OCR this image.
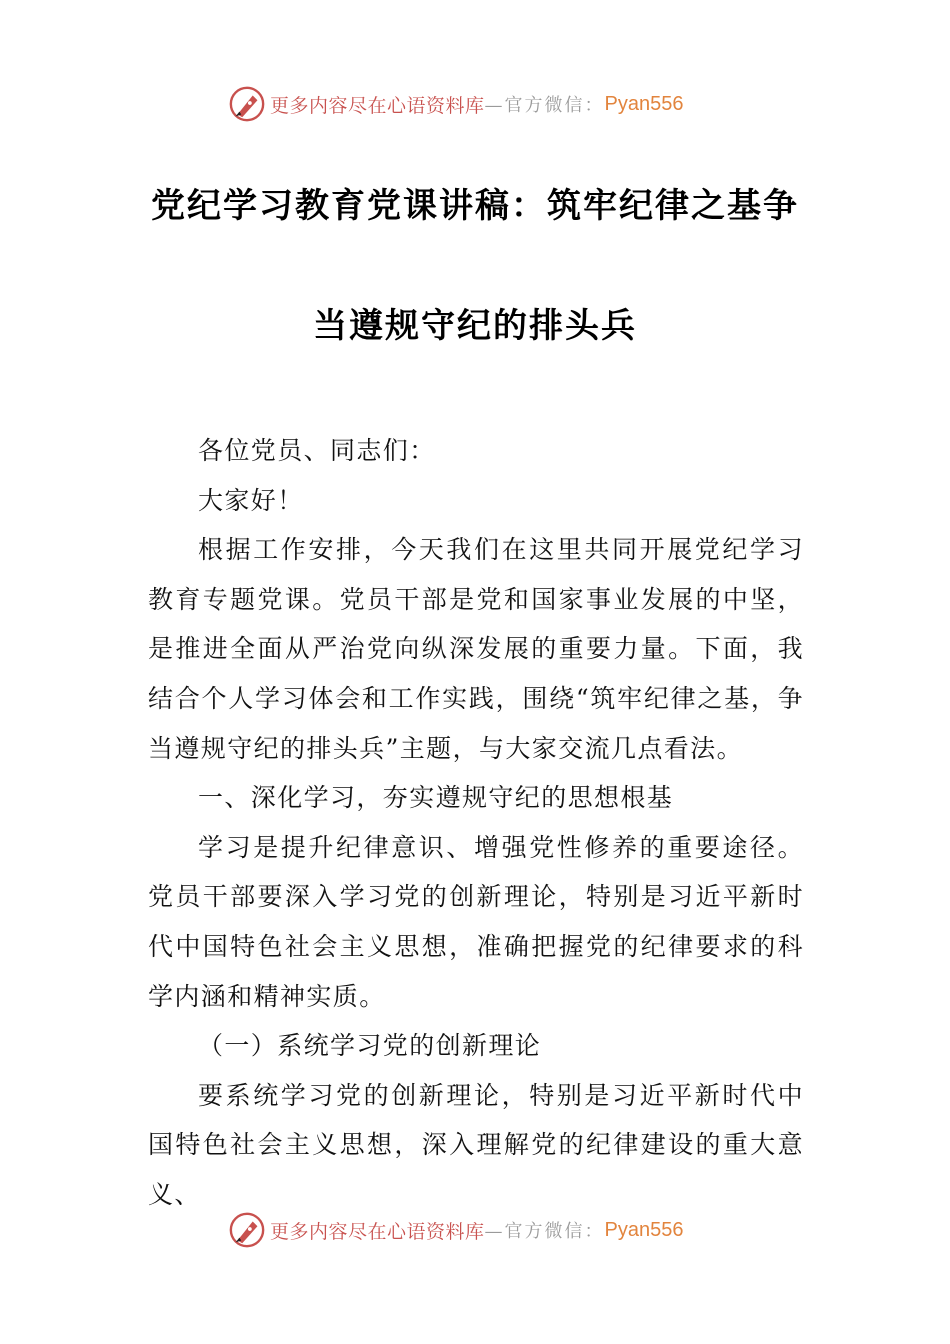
更多内容尽在心语资料库 —官方微信： Pyan556
党纪学习教育党课讲稿：筑牢纪律之基争
当遵规守纪的排头兵

各位党员、同志们：

大家好！

根据工作安排，今天我们在这里共同开展党纪学习教育专题党课。党员干部是党和国家事业发展的中坚，是推进全面从严治党向纵深发展的重要力量。下面，我结合个人学习体会和工作实践，围绕“筑牢纪律之基，争当遵规守纪的排头兵”主题，与大家交流几点看法。

一、深化学习，夯实遵规守纪的思想根基

学习是提升纪律意识、增强党性修养的重要途径。党员干部要深入学习党的创新理论，特别是习近平新时代中国特色社会主义思想，准确把握党的纪律要求的科学内涵和精神实质。

（一）系统学习党的创新理论

要系统学习党的创新理论，特别是习近平新时代中国特色社会主义思想，深入理解党的纪律建设的重大意义、

更多内容尽在心语资料库 —官方微信： Pyan556
